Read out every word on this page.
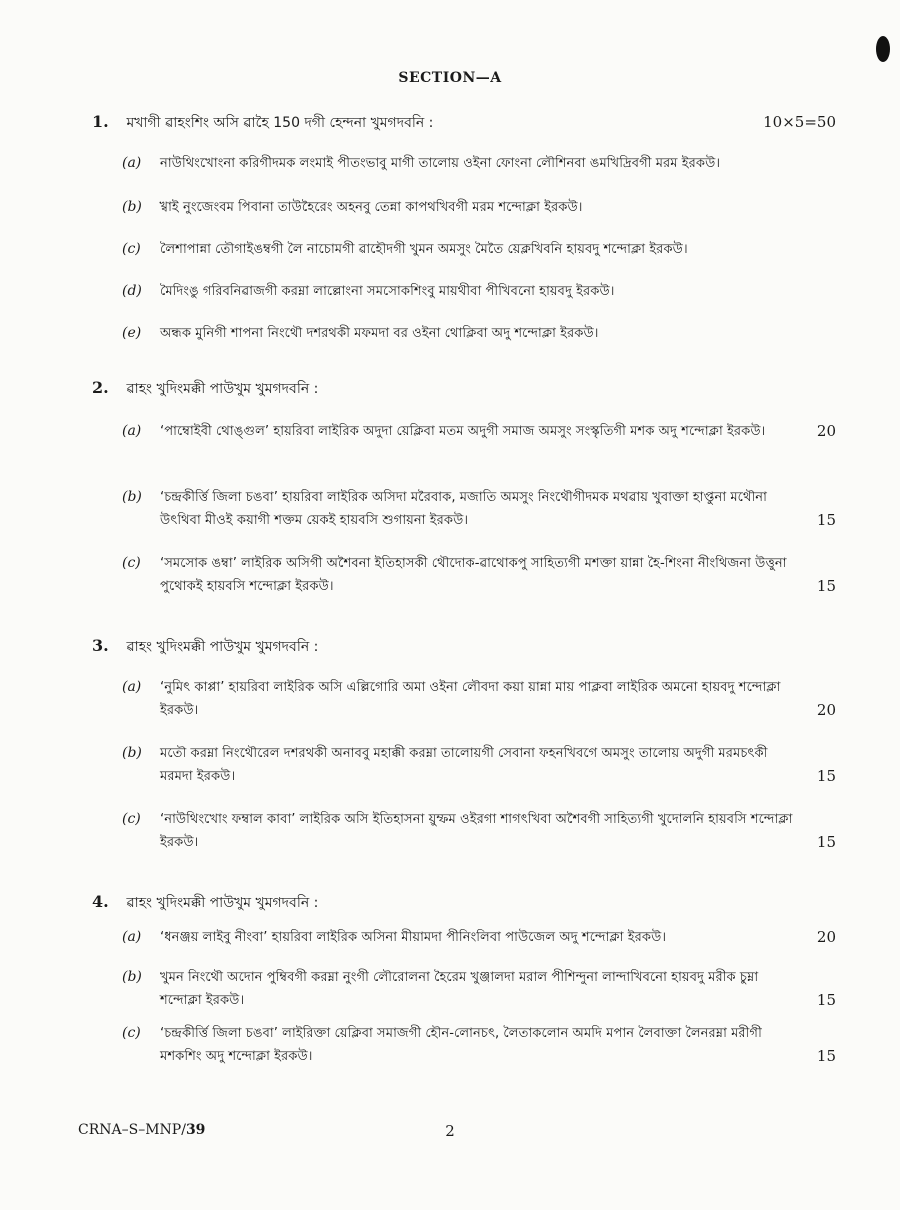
SECTION—A
1. মখাগী ৱাহংশিং অসি ৱাহৈ 150 দগী হেন্দনা খুমগদবনি :	10×5=50
(a) নাউথিংখোংনা করিগীদমক লংমাই পীতংভাবু মাগী তালোয় ওইনা ফোংনা লৌশিনবা ঙমখিদ্রিবগী মরম ইরকউ।
(b) খ্বাই নুংজেংবম পিবানা তাউহৈরেং অহনবু তেন্না কাপথখিবগী মরম শন্দোক্লা ইরকউ।
(c) লৈশাপান্না তৌগাইঙম্বগী লৈ নাচোমগী ৱাহৌদগী খুমন অমসুং মৈতৈ য়েক্লখিবনি হায়বদু শন্দোক্লা ইরকউ।
(d) মৈদিংঙু গরিবনিৱাজগী করম্না লাল্লোংনা সমসোকশিংবু মায়থীবা পীখিবনো হায়বদু ইরকউ।
(e) অন্ধক মুনিগী শাপনা নিংথৌ দশরথকী মফমদা বর ওইনা থোক্লিবা অদু শন্দোক্লা ইরকউ।
2. ৱাহং খুদিংমক্কী পাউখুম খুমগদবনি :
(a) ‘পাম্বোইবী থোঙ্গুল’ হায়রিবা লাইরিক অদুদা য়েক্লিবা মতম অদুগী সমাজ অমসুং সংস্কৃতিগী মশক অদু শন্দোক্লা ইরকউ।	20
(b) ‘চন্দ্রকীর্ত্তি জিলা চঙবা’ হায়রিবা লাইরিক অসিদা মরৈবাক, মজাতি অমসুং নিংথৌগীদমক মথৱায় খুবাক্তা হাপ্তুনা মথৌনা উৎথিবা মীওই কয়াগী শক্তম য়েকই হায়বসি শুগায়না ইরকউ।	15
(c) ‘সমসোক ঙম্বা’ লাইরিক অসিগী অশৈবনা ইতিহাসকী থৌদোক-ৱাথোকপু সাহিত্যগী মশক্তা য়ান্না হৈ-শিংনা নীংথিজনা উত্তুনা পুথোকই হায়বসি শন্দোক্লা ইরকউ।	15
3. ৱাহং খুদিংমক্কী পাউখুম খুমগদবনি :
(a) ‘নুমিৎ কাপ্পা’ হায়রিবা লাইরিক অসি এল্লিগোরি অমা ওইনা লৌবদা কয়া য়ান্না মায় পাক্লবা লাইরিক অমনো হায়বদু শন্দোক্লা ইরকউ।	20
(b) মতৌ করম্না নিংথৌরেল দশরথকী অনাববু মহাক্কী করম্না তালোয়গী সেবানা ফহনখিবগে অমসুং তালোয় অদুগী মরমচৎকী মরমদা ইরকউ।	15
(c) ‘নাউথিংখোং ফম্বাল কাবা’ লাইরিক অসি ইতিহাসনা য়ুম্ফম ওইরগা শাগৎখিবা অশৈবগী সাহিত্যগী খুদোলনি হায়বসি শন্দোক্লা ইরকউ।	15
4. ৱাহং খুদিংমক্কী পাউখুম খুমগদবনি :
(a) ‘ধনঞ্জয় লাইবু নীংবা’ হায়রিবা লাইরিক অসিনা মীয়ামদা পীনিংলিবা পাউজেল অদু শন্দোক্লা ইরকউ।	20
(b) খুমন নিংথৌ অদোন পুম্বিবগী করম্না নুংগী লৌরোলনা হৈরেম খুঞ্জালদা মরাল পীশিন্দুনা লান্দাখিবনো হায়বদু মরীক চুম্না শন্দোক্লা ইরকউ।	15
(c) ‘চন্দ্রকীর্ত্তি জিলা চঙবা’ লাইরিক্তা য়েক্লিবা সমাজগী হৌন-লোনচৎ, লৈতাকলোন অমদি মপান লৈবাক্তা লৈনরম্না মরীগী মশকশিং অদু শন্দোক্লা ইরকউ।	15
CRNA–S–MNP/39	2
